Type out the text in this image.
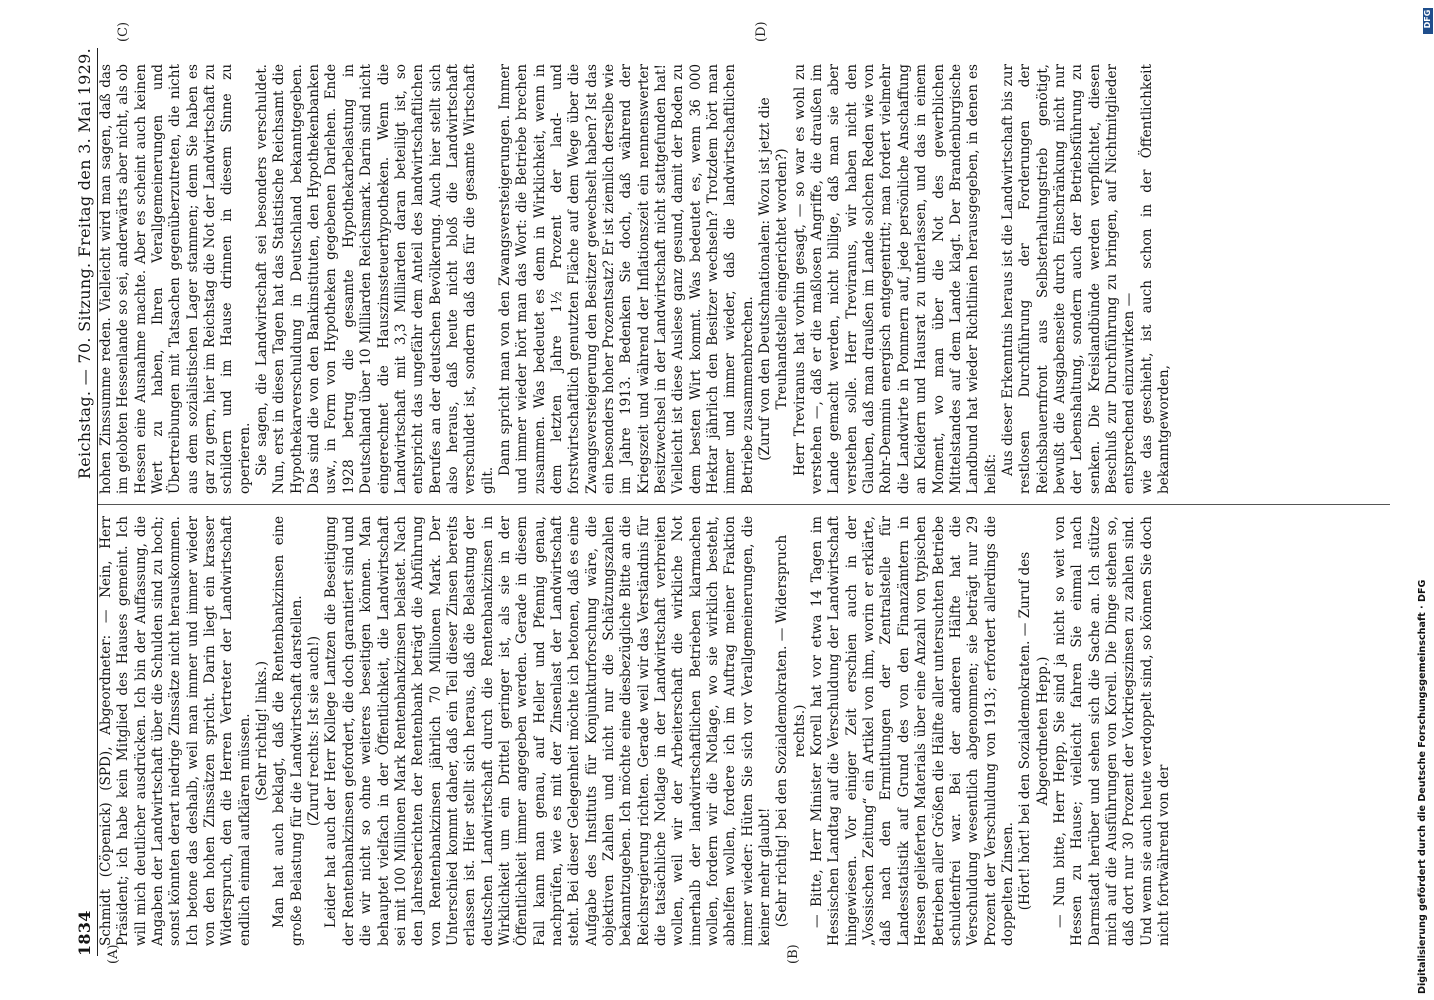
1834
Reichstag. — 70. Sitzung. Freitag den 3. Mai 1929.
(A)	(B)
(C)	(D)

Schmidt (Cöpenick) (SPD), Abgeordneter: — Nein, Herr Präsident; ich habe kein Mitglied des Hauses gemeint. Ich will mich deutlicher ausdrücken. Ich bin der Auffassung, die Angaben der Landwirtschaft über die Schulden sind zu hoch; sonst könnten derart niedrige Zinssätze nicht herauskommen. Ich betone das deshalb, weil man immer und immer wieder von den hohen Zinssätzen spricht. Darin liegt ein krasser Widerspruch, den die Herren Vertreter der Landwirtschaft endlich einmal aufklären müssen. (Sehr richtig! links.) Man hat auch beklagt, daß die Rentenbankzinsen eine große Belastung für die Landwirtschaft darstellen. (Zuruf rechts: Ist sie auch!) Leider hat auch der Herr Kollege Lantzen die Beseitigung der Rentenbankzinsen gefordert, die doch garantiert sind und die wir nicht so ohne weiteres beseitigen können. Man behauptet vielfach in der Öffentlichkeit, die Landwirtschaft sei mit 100 Millionen Mark Rentenbankzinsen belastet. Nach den Jahresberichten der Rentenbank beträgt die Abführung von Rentenbankzinsen jährlich 70 Millionen Mark. Der Unterschied kommt daher, daß ein Teil dieser Zinsen bereits erlassen ist. Hier stellt sich heraus, daß die Belastung der deutschen Landwirtschaft durch die Rentenbankzinsen in Wirklichkeit um ein Drittel geringer ist, als sie in der Öffentlichkeit immer angegeben werden. Gerade in diesem Fall kann man genau, auf Heller und Pfennig genau, nachprüfen, wie es mit der Zinsenlast der Landwirtschaft steht. Bei dieser Gelegenheit möchte ich betonen, daß es eine Aufgabe des Instituts für Konjunkturforschung wäre, die objektiven Zahlen und nicht nur die Schätzungszahlen bekanntzugeben. Ich möchte eine diesbezügliche Bitte an die Reichsregierung richten. Gerade weil wir das Verständnis für die tatsächliche Notlage in der Landwirtschaft verbreiten wollen, weil wir der Arbeiterschaft die wirkliche Not innerhalb der landwirtschaftlichen Betrieben klarmachen wollen, fordern wir die Notlage, wo sie wirklich besteht, abhelfen wollen, fordere ich im Auftrag meiner Fraktion immer wieder: Hüten Sie sich vor Verallgemeinerungen, die keiner mehr glaubt! (Sehr richtig! bei den Sozialdemokraten. — Widerspruch rechts.) — Bitte, Herr Minister Korell hat vor etwa 14 Tagen im Hessischen Landtag auf die Verschuldung der Landwirtschaft hingewiesen. Vor einiger Zeit erschien auch in der „Vossischen Zeitung“ ein Artikel von ihm, worin er erklärte, daß nach den Ermittlungen der Zentralstelle für Landesstatistik auf Grund des von den Finanzämtern in Hessen gelieferten Materials über eine Anzahl von typischen Betrieben aller Größen die Hälfte aller untersuchten Betriebe schuldenfrei war. Bei der anderen Hälfte hat die Verschuldung wesentlich abgenommen; sie beträgt nur 29 Prozent der Verschuldung von 1913; erfordert allerdings die doppelten Zinsen. (Hört! hört! bei den Sozialdemokraten. — Zuruf des Abgeordneten Hepp.) — Nun bitte, Herr Hepp, Sie sind ja nicht so weit von Hessen zu Hause; vielleicht fahren Sie einmal nach Darmstadt herüber und sehen sich die Sache an. Ich stütze mich auf die Ausführungen von Korell. Die Dinge stehen so, daß dort nur 30 Prozent der Vorkriegszinsen zu zahlen sind. Und wenn sie auch heute verdoppelt sind, so können Sie doch nicht fortwährend von der

hohen Zinssumme reden. Vielleicht wird man sagen, daß das im gelobten Hessenlande so sei, anderwärts aber nicht, als ob Hessen eine Ausnahme machte. Aber es scheint auch keinen Wert zu haben, Ihren Verallgemeinerungen und Übertreibungen mit Tatsachen gegenüberzutreten, die nicht aus dem sozialistischen Lager stammen; denn Sie haben es gar zu gern, hier im Reichstag die Not der Landwirtschaft zu schildern und im Hause drinnen in diesem Sinne zu operieren. Sie sagen, die Landwirtschaft sei besonders verschuldet. Nun, erst in diesen Tagen hat das Statistische Reichsamt die Hypothekarverschuldung in Deutschland bekanntgegeben. Das sind die von den Bankinstituten, den Hypothekenbanken usw., in Form von Hypotheken gegebenen Darlehen. Ende 1928 betrug die gesamte Hypothekarbelastung in Deutschland über 10 Milliarden Reichsmark. Darin sind nicht eingerechnet die Hauszinssteuerhypotheken. Wenn die Landwirtschaft mit 3,3 Milliarden daran beteiligt ist, so entspricht das ungefähr dem Anteil des landwirtschaftlichen Berufes an der deutschen Bevölkerung. Auch hier stellt sich also heraus, daß heute nicht bloß die Landwirtschaft verschuldet ist, sondern daß das für die gesamte Wirtschaft gilt.

Dann spricht man von den Zwangsversteigerungen. Immer und immer wieder hört man das Wort: die Betriebe brechen zusammen. Was bedeutet es denn in Wirklichkeit, wenn in dem letzten Jahre 1½ Prozent der land- und forstwirtschaftlich genutzten Fläche auf dem Wege über die Zwangsversteigerung den Besitzer gewechselt haben? Ist das ein besonders hoher Prozentsatz? Er ist ziemlich derselbe wie im Jahre 1913. Bedenken Sie doch, daß während der Kriegszeit und während der Inflationszeit ein nennenswerter Besitzwechsel in der Landwirtschaft nicht stattgefunden hat! Vielleicht ist diese Auslese ganz gesund, damit der Boden zu dem besten Wirt kommt. Was bedeutet es, wenn 36 000 Hektar jährlich den Besitzer wechseln? Trotzdem hört man immer und immer wieder, daß die landwirtschaftlichen Betriebe zusammenbrechen. (Zuruf von den Deutschnationalen: Wozu ist jetzt die Treuhandstelle eingerichtet worden?) Herr Treviranus hat vorhin gesagt, — so war es wohl zu verstehen —, daß er die maßlosen Angriffe, die draußen im Lande gemacht werden, nicht billige, daß man sie aber verstehen solle. Herr Treviranus, wir haben nicht den Glauben, daß man draußen im Lande solchen Reden wie von Rohr-Demmin energisch entgegentritt; man fordert vielmehr die Landwirte in Pommern auf, jede persönliche Anschaffung an Kleidern und Hausrat zu unterlassen, und das in einem Moment, wo man über die Not des gewerblichen Mittelstandes auf dem Lande klagt. Der Brandenburgische Landbund hat wieder Richtlinien herausgegeben, in denen es heißt: Aus dieser Erkenntnis heraus ist die Landwirtschaft bis zur restlosen Durchführung der Forderungen der Reichsbauernfront aus Selbsterhaltungstrieb genötigt, bewußt die Ausgabenseite durch Einschränkung nicht nur der Lebenshaltung, sondern auch der Betriebsführung zu senken. Die Kreislandbünde werden verpflichtet, diesen Beschluß zur Durchführung zu bringen, auf Nichtmitglieder entsprechend einzuwirken — wie das geschieht, ist auch schon in der Öffentlichkeit bekanntgeworden,

DFG
Digitalisierung gefördert durch die Deutsche Forschungsgemeinschaft · DFG
